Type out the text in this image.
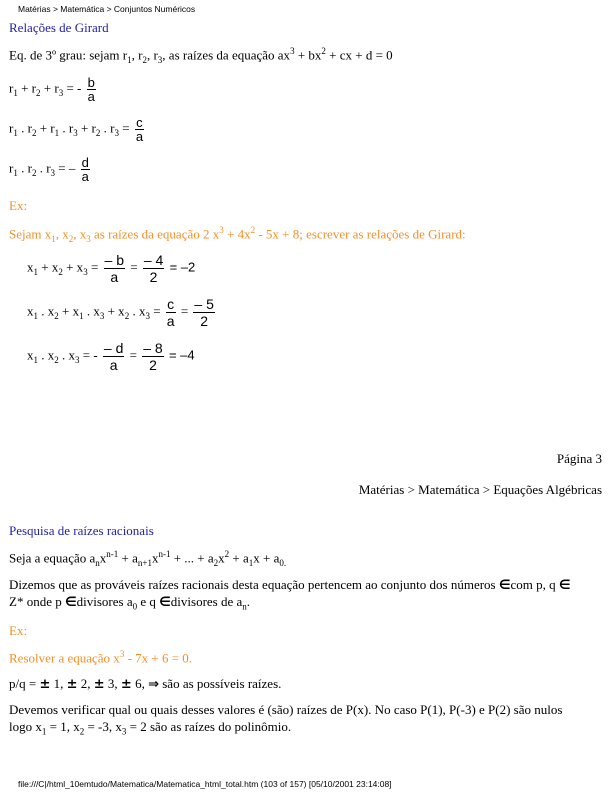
Matérias > Matemática > Conjuntos Numéricos
Relações de Girard
Eq. de 3º grau: sejam $r_1$, $r_2$, $r_3$, as raízes da equação $ax^3 + bx^2$ + cx + d = 0
$r_1 + r_2 + r_3$ = - $\frac{b}{a}$
$r_1$ . $r_2 + r_1$ . $r_3 + r_2$ . $r_3 = \frac{c}{a}$
$r_1$ . $r_2$ . $r_3$ = – $\frac{d}{a}$
Ex:
Sejam $x_1$, $x_2$, $x_3$ as raízes da equação 2 $x^3 + 4x^2 - 5x + 8$; escrever as relações de Girard:
$x_1 + x_2 + x_3 = \frac{- b}{a} = \frac{- 4}{2} = -2$
$x_1$ . $x_2 + x_1$ . $x_3 + x_2$ . $x_3 = \frac{c}{a} = \frac{- 5}{2}$
$x_1$ . $x_2$ . $x_3$ = - $\frac{- d}{a} = \frac{- 8}{2} = -4$
Página 3
Matérias > Matemática > Equações Algébricas
Pesquisa de raízes racionais
Seja a equação $a_nx^{n-1} + a_{n+1}x^{n-1}$ + ... + $a_2x^2 + a_1x + a_{0.}$
Dizemos que as prováveis raízes racionais desta equação pertencem ao conjunto dos números ∈com p, q ∈
Z* onde p ∈divisores $a_0$ e q ∈divisores de $a_n$.
Ex:
Resolver a equação $x^3 - 7x + 6 = 0$.
p/q = ± 1, ± 2, ± 3, ± 6, ⇒ são as possíveis raízes.
Devemos verificar qual ou quais desses valores é (são) raízes de P(x). No caso P(1), P(-3) e P(2) são nulos
logo $x_1 = 1$, $x_2 = -3$, $x_3 = 2$ são as raízes do polinômio.
file:///C|/html_10emtudo/Matematica/Matematica_html_total.htm (103 of 157) [05/10/2001 23:14:08]
